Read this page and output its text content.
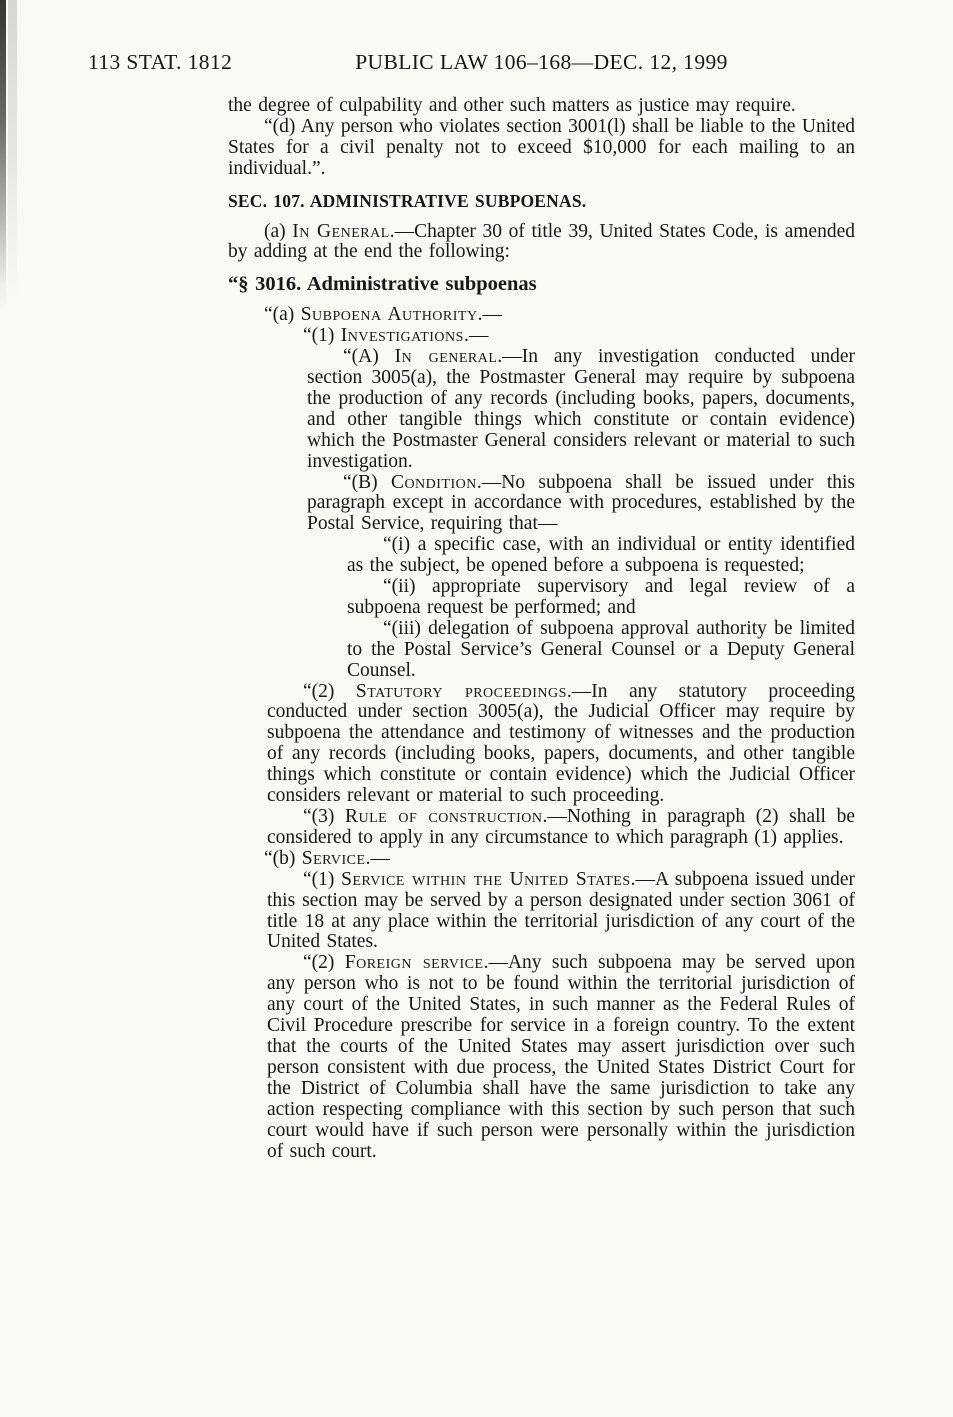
113 STAT. 1812	PUBLIC LAW 106–168—DEC. 12, 1999

the degree of culpability and other such matters as justice may require.

“(d) Any person who violates section 3001(l) shall be liable to the United States for a civil penalty not to exceed $10,000 for each mailing to an individual.”.

SEC. 107. ADMINISTRATIVE SUBPOENAS.

(a) In General.—Chapter 30 of title 39, United States Code, is amended by adding at the end the following:

“§ 3016. Administrative subpoenas

“(a) Subpoena Authority.—

“(1) Investigations.—

“(A) In general.—In any investigation conducted under section 3005(a), the Postmaster General may require by subpoena the production of any records (including books, papers, documents, and other tangible things which constitute or contain evidence) which the Postmaster General considers relevant or material to such investigation.

“(B) Condition.—No subpoena shall be issued under this paragraph except in accordance with procedures, established by the Postal Service, requiring that—

“(i) a specific case, with an individual or entity identified as the subject, be opened before a subpoena is requested;

“(ii) appropriate supervisory and legal review of a subpoena request be performed; and

“(iii) delegation of subpoena approval authority be limited to the Postal Service’s General Counsel or a Deputy General Counsel.

“(2) Statutory proceedings.—In any statutory proceeding conducted under section 3005(a), the Judicial Officer may require by subpoena the attendance and testimony of witnesses and the production of any records (including books, papers, documents, and other tangible things which constitute or contain evidence) which the Judicial Officer considers relevant or material to such proceeding.

“(3) Rule of construction.—Nothing in paragraph (2) shall be considered to apply in any circumstance to which paragraph (1) applies.

“(b) Service.—

“(1) Service within the United States.—A subpoena issued under this section may be served by a person designated under section 3061 of title 18 at any place within the territorial jurisdiction of any court of the United States.

“(2) Foreign service.—Any such subpoena may be served upon any person who is not to be found within the territorial jurisdiction of any court of the United States, in such manner as the Federal Rules of Civil Procedure prescribe for service in a foreign country. To the extent that the courts of the United States may assert jurisdiction over such person consistent with due process, the United States District Court for the District of Columbia shall have the same jurisdiction to take any action respecting compliance with this section by such person that such court would have if such person were personally within the jurisdiction of such court.
